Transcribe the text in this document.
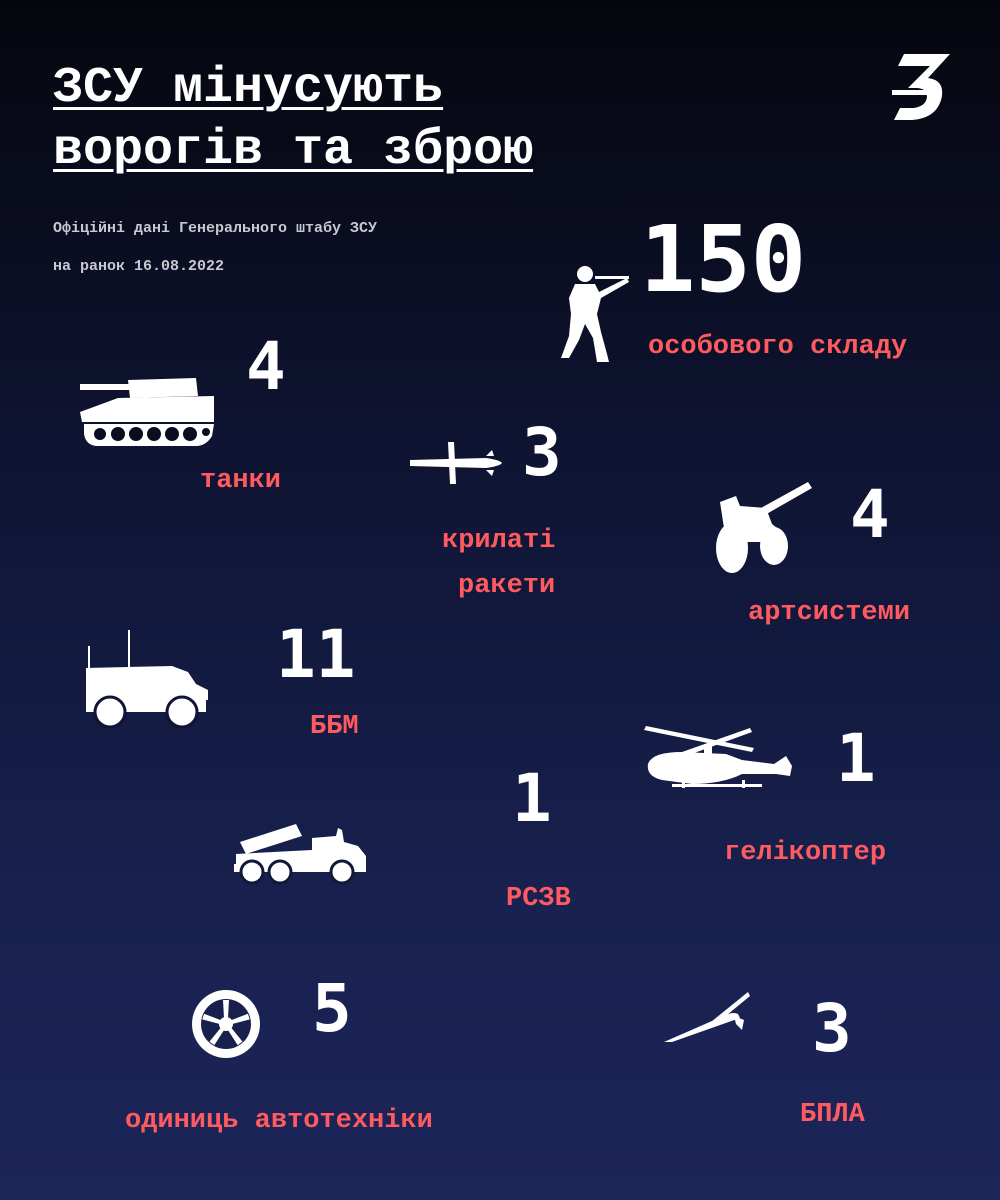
ЗСУ мінусують
ворогів та зброю
Офіційні дані Генерального штабу ЗСУ
на ранок 16.08.2022	150
особового складу
4
танки	3
крилаті
ракети
4
артсистеми
11
ББМ	1
гелікоптер
1
РСЗВ
5
одиниць автотехніки
3
БПЛА
